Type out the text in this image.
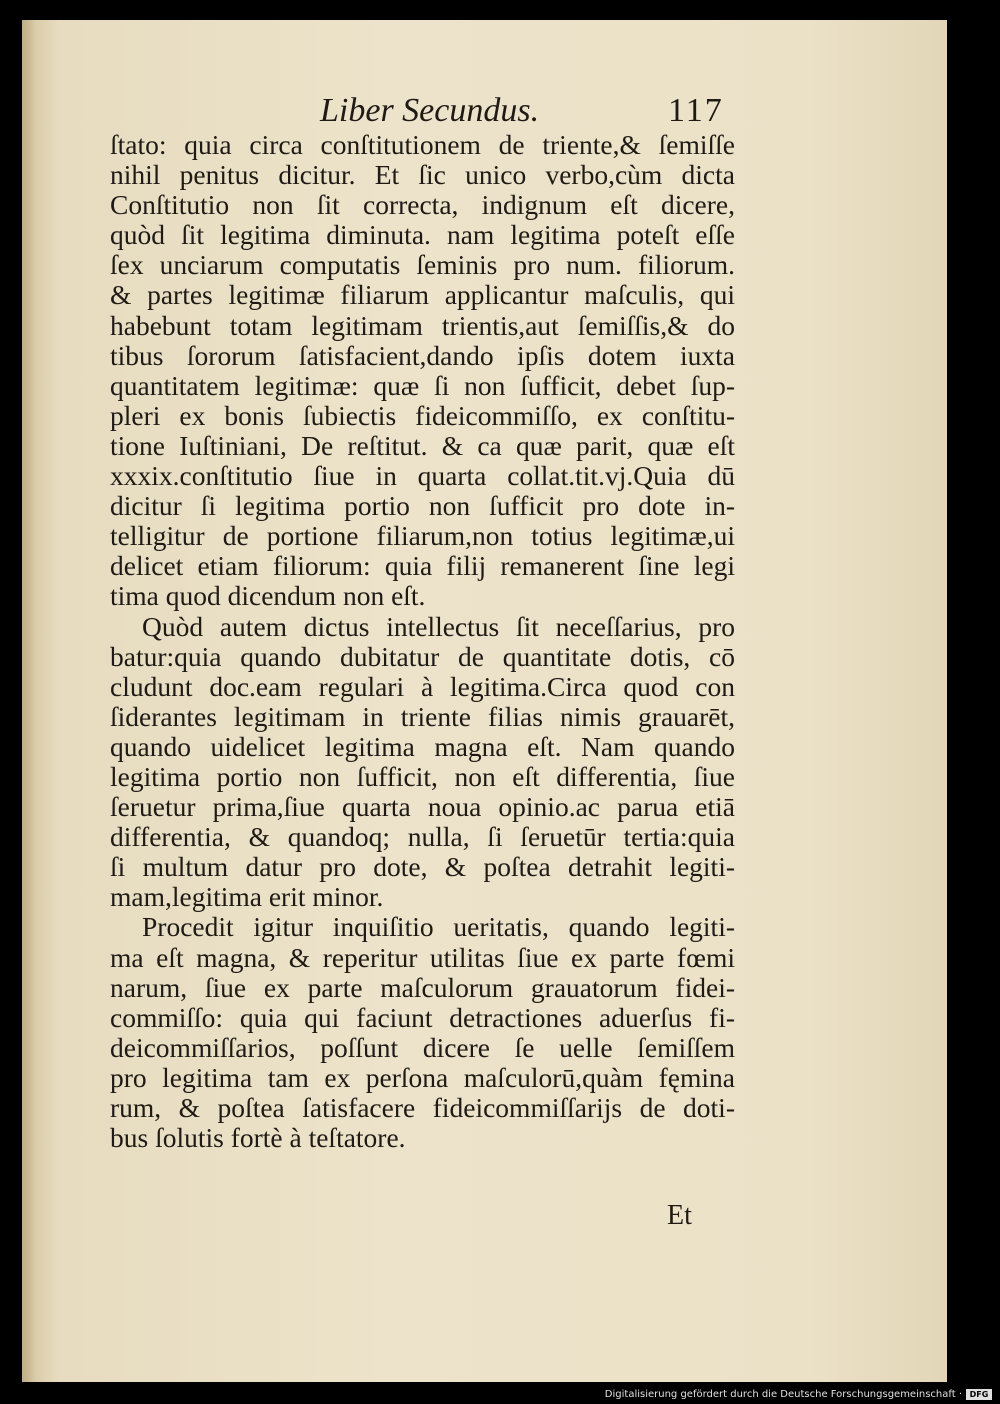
Liber Secundus.	117
ſtato: quia circa conſtitutionem de triente,& ſemiſſe
nihil penitus dicitur. Et ſic unico verbo,cùm dicta
Conſtitutio non ſit correcta, indignum eſt dicere,
quòd ſit legitima diminuta. nam legitima poteſt eſſe
ſex unciarum computatis ſeminis pro num. filiorum.
& partes legitimæ filiarum applicantur maſculis, qui
habebunt totam legitimam trientis,aut ſemiſſis,& do
tibus ſororum ſatisfacient,dando ipſis dotem iuxta
quantitatem legitimæ: quæ ſi non ſufficit, debet ſup-
pleri ex bonis ſubiectis fideicommiſſo, ex conſtitu-
tione Iuſtiniani, De reſtitut. & ca quæ parit, quæ eſt
xxxix.conſtitutio ſiue in quarta collat.tit.vj.Quia dū
dicitur ſi legitima portio non ſufficit pro dote in-
telligitur de portione filiarum,non totius legitimæ,ui
delicet etiam filiorum: quia filij remanerent ſine legi
tima quod dicendum non eſt.
Quòd autem dictus intellectus ſit neceſſarius, pro
batur:quia quando dubitatur de quantitate dotis, cō
cludunt doc.eam regulari à legitima.Circa quod con
ſiderantes legitimam in triente filias nimis grauarēt,
quando uidelicet legitima magna eſt. Nam quando
legitima portio non ſufficit, non eſt differentia, ſiue
ſeruetur prima,ſiue quarta noua opinio.ac parua etiā
differentia, & quandoq; nulla, ſi ſeruetūr tertia:quia
ſi multum datur pro dote, & poſtea detrahit legiti-
mam,legitima erit minor.
Procedit igitur inquiſitio ueritatis, quando legiti-
ma eſt magna, & reperitur utilitas ſiue ex parte fœmi
narum, ſiue ex parte maſculorum grauatorum fidei-
commiſſo: quia qui faciunt detractiones aduerſus fi-
deicommiſſarios, poſſunt dicere ſe uelle ſemiſſem
pro legitima tam ex perſona maſculorū,quàm fęmina
rum, & poſtea ſatisfacere fideicommiſſarijs de doti-
bus ſolutis fortè à teſtatore.
Et
Digitalisierung gefördert durch die Deutsche Forschungsgemeinschaft · DFG
